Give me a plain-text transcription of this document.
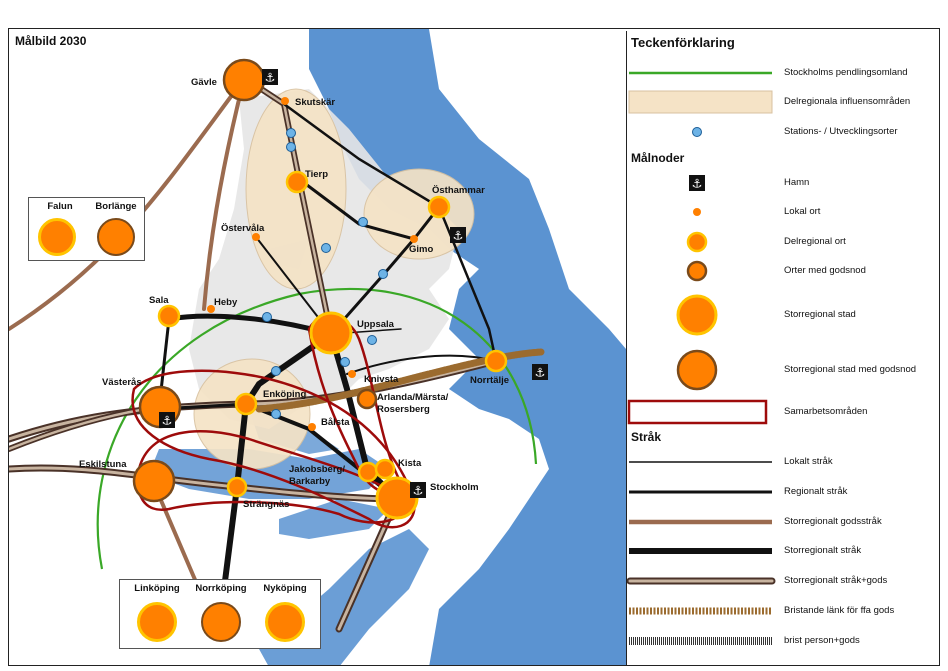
⚓
⚓
⚓
⚓
⚓
Målbild 2030
Gävle
Skutskär
Tierp
Östhammar
Östervåla
Gimo
Sala	Heby
Uppsala
Knivsta	Norrtälje
Västerås
Enköping	Arlanda/Märsta/
Rosersberg
Bålsta
Eskilstuna	Jakobsberg/
Barkarby
Kista
Stockholm
Strängnäs
Falun	Borlänge
Linköping	Norrköping	Nyköping
Teckenförklaring
Stockholms pendlingsomland
Delregionala influensområden
Stations- / Utvecklingsorter
Målnoder
⚓	Hamn
Lokal ort
Delregional ort
Orter med godsnod
Storregional stad
Storregional stad med godsnod
Samarbetsområden
Stråk
Lokalt stråk
Regionalt stråk
Storregionalt godsstråk
Storregionalt stråk
Storregionalt stråk+gods
Bristande länk för ffa gods
brist person+gods
